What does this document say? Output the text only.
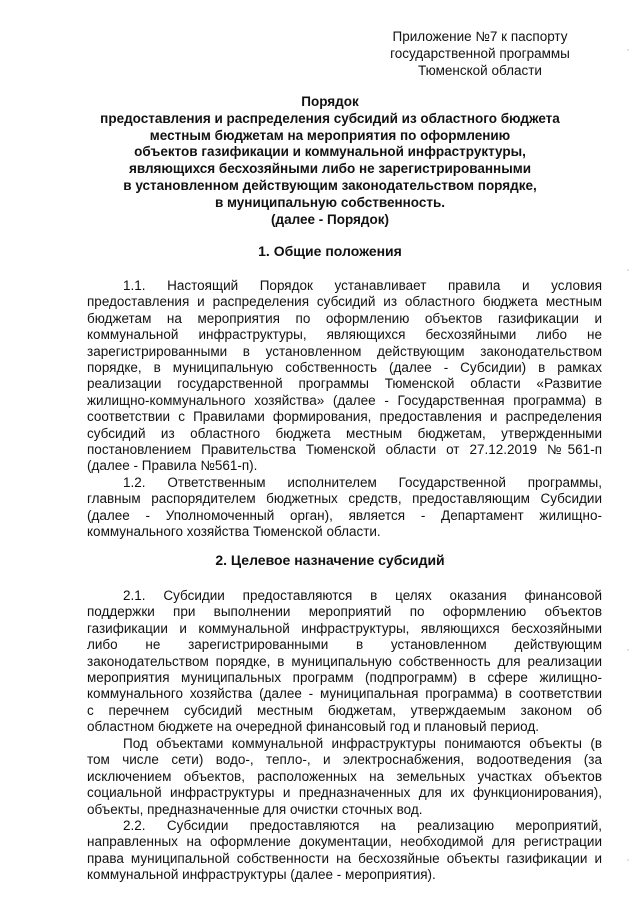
Приложение №7 к паспорту
государственной программы
Тюменской области
Порядок
предоставления и распределения субсидий из областного бюджета
местным бюджетам на мероприятия по оформлению
объектов газификации и коммунальной инфраструктуры,
являющихся бесхозяйными либо не зарегистрированными
в установленном действующим законодательством порядке,
в муниципальную собственность.
(далее - Порядок)
1. Общие положения
1.1. Настоящий Порядок устанавливает правила и условия
предоставления и распределения субсидий из областного бюджета местным
бюджетам на мероприятия по оформлению объектов газификации и
коммунальной инфраструктуры, являющихся бесхозяйными либо не
зарегистрированными в установленном действующим законодательством
порядке, в муниципальную собственность (далее - Субсидии) в рамках
реализации государственной программы Тюменской области «Развитие
жилищно-коммунального хозяйства» (далее - Государственная программа) в
соответствии с Правилами формирования, предоставления и распределения
субсидий из областного бюджета местным бюджетам, утвержденными
постановлением Правительства Тюменской области от 27.12.2019 №561-п
(далее - Правила №561-п).
1.2. Ответственным исполнителем Государственной программы,
главным распорядителем бюджетных средств, предоставляющим Субсидии
(далее - Уполномоченный орган), является - Департамент жилищно-
коммунального хозяйства Тюменской области.
2. Целевое назначение субсидий
2.1. Субсидии предоставляются в целях оказания финансовой
поддержки при выполнении мероприятий по оформлению объектов
газификации и коммунальной инфраструктуры, являющихся бесхозяйными
либо не зарегистрированными в установленном действующим
законодательством порядке, в муниципальную собственность для реализации
мероприятия муниципальных программ (подпрограмм) в сфере жилищно-
коммунального хозяйства (далее - муниципальная программа) в соответствии
с перечнем субсидий местным бюджетам, утверждаемым законом об
областном бюджете на очередной финансовый год и плановый период.
Под объектами коммунальной инфраструктуры понимаются объекты (в
том числе сети) водо-, тепло-, и электроснабжения, водоотведения (за
исключением объектов, расположенных на земельных участках объектов
социальной инфраструктуры и предназначенных для их функционирования),
объекты, предназначенные для очистки сточных вод.
2.2. Субсидии предоставляются на реализацию мероприятий,
направленных на оформление документации, необходимой для регистрации
права муниципальной собственности на бесхозяйные объекты газификации и
коммунальной инфраструктуры (далее - мероприятия).
